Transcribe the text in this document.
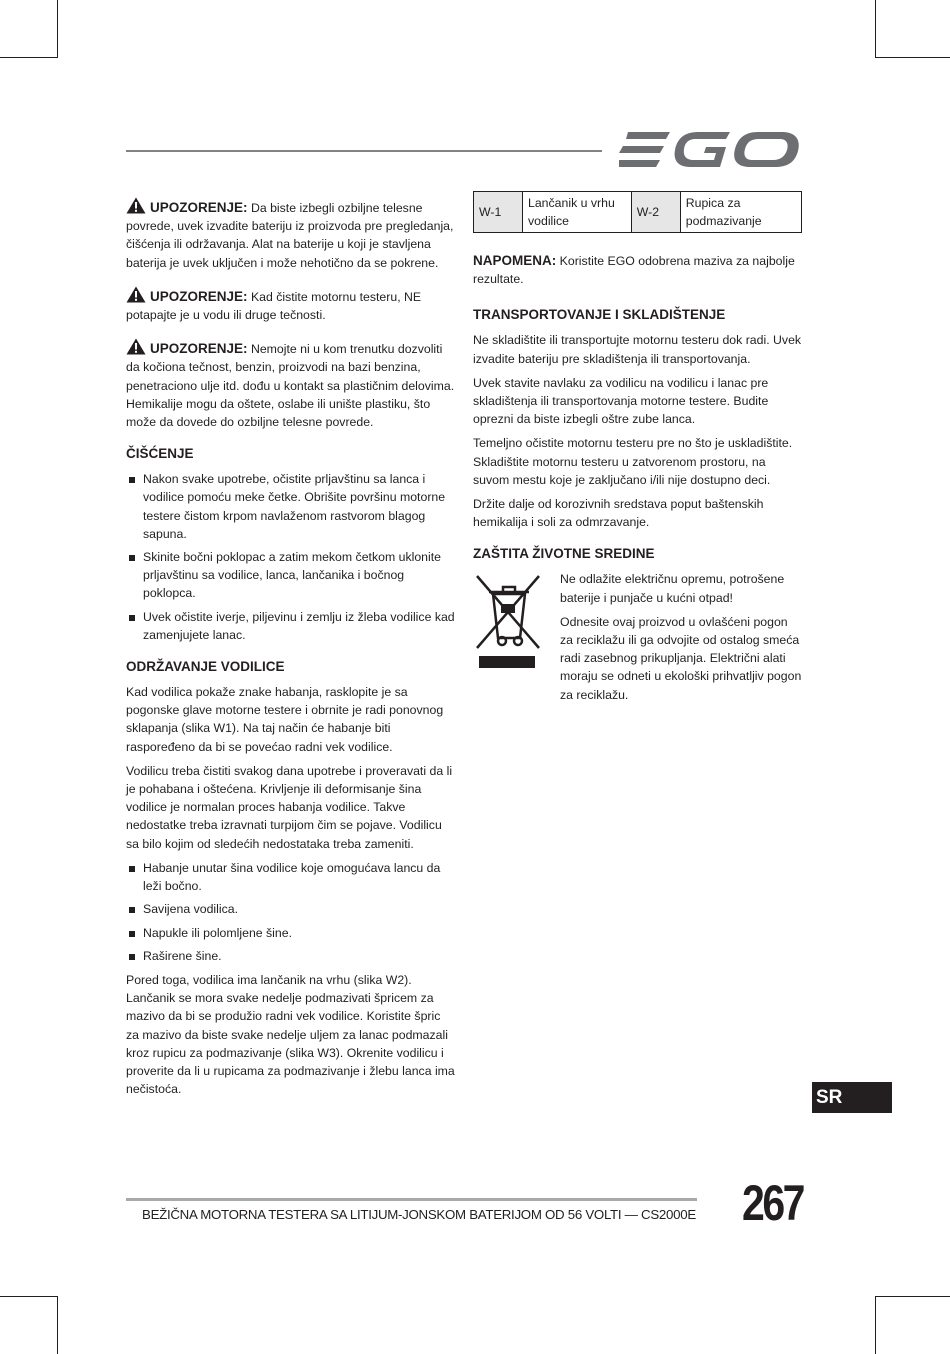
EGO

UPOZORENJE: Da biste izbegli ozbiljne telesne povrede, uvek izvadite bateriju iz proizvoda pre pregledanja, čišćenja ili održavanja. Alat na baterije u koji je stavljena baterija je uvek uključen i može nehotično da se pokrene.

UPOZORENJE: Kad čistite motornu testeru, NE potapajte je u vodu ili druge tečnosti.

UPOZORENJE: Nemojte ni u kom trenutku dozvoliti da kočiona tečnost, benzin, proizvodi na bazi benzina, penetraciono ulje itd. dođu u kontakt sa plastičnim delovima. Hemikalije mogu da oštete, oslabe ili unište plastiku, što može da dovede do ozbiljne telesne povrede.

ČIŠĆENJE
Nakon svake upotrebe, očistite prljavštinu sa lanca i vodilice pomoću meke četke. Obrišite površinu motorne testere čistom krpom navlaženom rastvorom blagog sapuna.
Skinite bočni poklopac a zatim mekom četkom uklonite prljavštinu sa vodilice, lanca, lančanika i bočnog poklopca.
Uvek očistite iverje, piljevinu i zemlju iz žleba vodilice kad zamenjujete lanac.
ODRŽAVANJE VODILICE

Kad vodilica pokaže znake habanja, rasklopite je sa pogonske glave motorne testere i obrnite je radi ponovnog sklapanja (slika W1). Na taj način će habanje biti raspoređeno da bi se povećao radni vek vodilice.

Vodilicu treba čistiti svakog dana upotrebe i proveravati da li je pohabana i oštećena. Krivljenje ili deformisanje šina vodilice je normalan proces habanja vodilice. Takve nedostatke treba izravnati turpijom čim se pojave. Vodilicu sa bilo kojim od sledećih nedostataka treba zameniti.

Habanje unutar šina vodilice koje omogućava lancu da leži bočno.
Savijena vodilica.
Napukle ili polomljene šine.
Raširene šine.

Pored toga, vodilica ima lančanik na vrhu (slika W2). Lančanik se mora svake nedelje podmazivati špricem za mazivo da bi se produžio radni vek vodilice. Koristite špric za mazivo da biste svake nedelje uljem za lanac podmazali kroz rupicu za podmazivanje (slika W3). Okrenite vodilicu i proverite da li u rupicama za podmazivanje i žlebu lanca ima nečistoća.

W-1	Lančanik u vrhu vodilice	W-2	Rupica za podmazivanje

NAPOMENA: Koristite EGO odobrena maziva za najbolje rezultate.

TRANSPORTOVANJE I SKLADIŠTENJE

Ne skladištite ili transportujte motornu testeru dok radi. Uvek izvadite bateriju pre skladištenja ili transportovanja.

Uvek stavite navlaku za vodilicu na vodilicu i lanac pre skladištenja ili transportovanja motorne testere. Budite oprezni da biste izbegli oštre zube lanca.

Temeljno očistite motornu testeru pre no što je uskladištite. Skladištite motornu testeru u zatvorenom prostoru, na suvom mestu koje je zaključano i/ili nije dostupno deci.

Držite dalje od korozivnih sredstava poput baštenskih hemikalija i soli za odmrzavanje.

ZAŠTITA ŽIVOTNE SREDINE

Ne odlažite električnu opremu, potrošene baterije i punjače u kućni otpad!

Odnesite ovaj proizvod u ovlašćeni pogon za reciklažu ili ga odvojite od ostalog smeća radi zasebnog prikupljanja. Električni alati moraju se odneti u ekološki prihvatljiv pogon za reciklažu.

SR
BEŽIČNA MOTORNA TESTERA SA LITIJUM-JONSKOM BATERIJOM OD 56 VOLTI — CS2000E 267
